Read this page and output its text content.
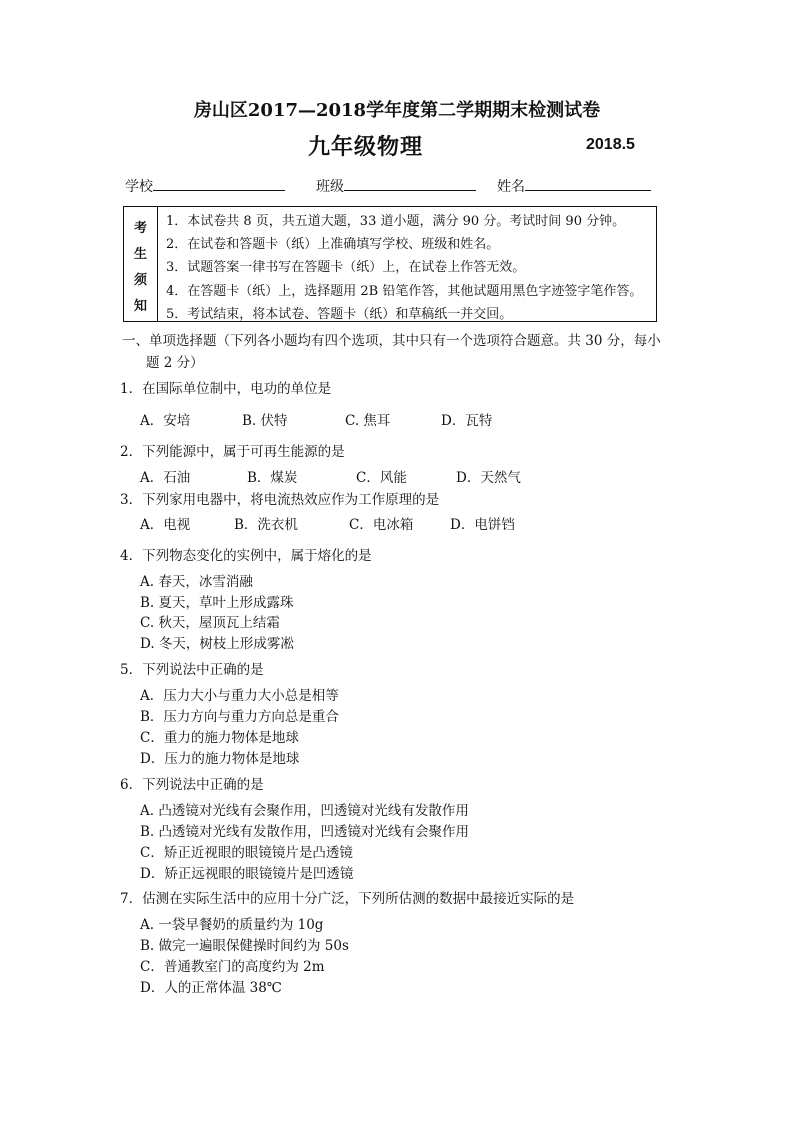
房山区2017—2018学年度第二学期期末检测试卷
九年级物理	2018.5
学校	班级	姓名
考
生
须
知
1．本试卷共 8 页，共五道大题，33 道小题，满分 90 分。考试时间 90 分钟。
2．在试卷和答题卡（纸）上准确填写学校、班级和姓名。
3．试题答案一律书写在答题卡（纸）上，在试卷上作答无效。
4．在答题卡（纸）上，选择题用 2B 铅笔作答，其他试题用黑色字迹签字笔作答。
5．考试结束，将本试卷、答题卡（纸）和草稿纸一并交回。
一、单项选择题（下列各小题均有四个选项，其中只有一个选项符合题意。共 30 分，每小
题 2 分）
1．在国际单位制中，电功的单位是
A．安培	B. 伏特	C. 焦耳	D．瓦特
2．下列能源中，属于可再生能源的是
A．石油	B．煤炭	C．风能	D．天然气
3．下列家用电器中，将电流热效应作为工作原理的是
A．电视	B．洗衣机	C．电冰箱	D．电饼铛
4．下列物态变化的实例中，属于熔化的是
A. 春天，冰雪消融
B. 夏天，草叶上形成露珠
C. 秋天，屋顶瓦上结霜
D. 冬天，树枝上形成雾凇
5．下列说法中正确的是
A．压力大小与重力大小总是相等
B．压力方向与重力方向总是重合
C．重力的施力物体是地球
D．压力的施力物体是地球
6．下列说法中正确的是
A. 凸透镜对光线有会聚作用，凹透镜对光线有发散作用
B. 凸透镜对光线有发散作用，凹透镜对光线有会聚作用
C．矫正近视眼的眼镜镜片是凸透镜
D．矫正远视眼的眼镜镜片是凹透镜
7．估测在实际生活中的应用十分广泛，下列所估测的数据中最接近实际的是
A. 一袋早餐奶的质量约为 10g
B. 做完一遍眼保健操时间约为 50s
C．普通教室门的高度约为 2m
D．人的正常体温 38℃
